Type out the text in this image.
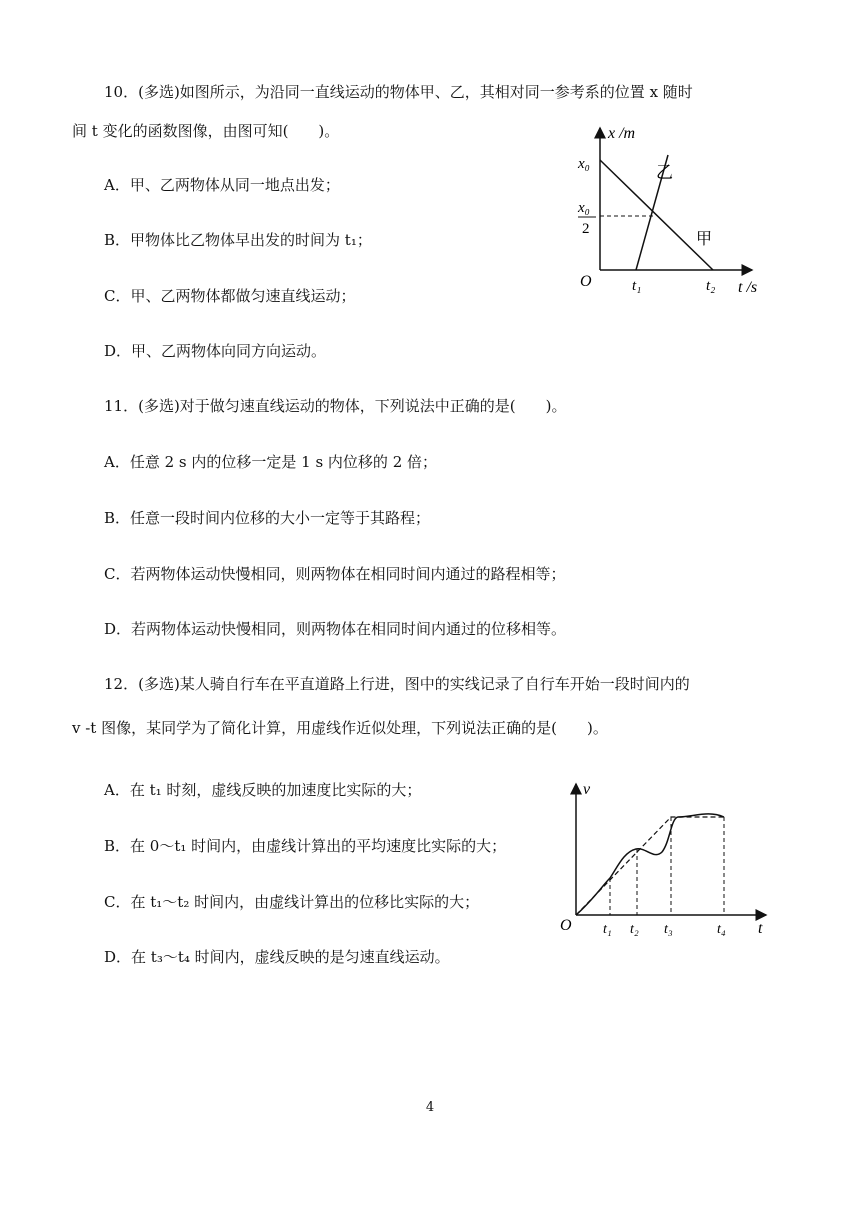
10．(多选)如图所示，为沿同一直线运动的物体甲、乙，其相对同一参考系的位置 x 随时
间 t 变化的函数图像，由图可知(　　)。
A．甲、乙两物体从同一地点出发；
B．甲物体比乙物体早出发的时间为 t₁；
C．甲、乙两物体都做匀速直线运动；
D．甲、乙两物体向同方向运动。
x /m
t /s
O
x₀
x₀
2
t₁	t₂
乙
甲
11．(多选)对于做匀速直线运动的物体，下列说法中正确的是(　　)。
A．任意 2 s 内的位移一定是 1 s 内位移的 2 倍；
B．任意一段时间内位移的大小一定等于其路程；
C．若两物体运动快慢相同，则两物体在相同时间内通过的路程相等；
D．若两物体运动快慢相同，则两物体在相同时间内通过的位移相等。
12．(多选)某人骑自行车在平直道路上行进，图中的实线记录了自行车开始一段时间内的
v -t 图像，某同学为了简化计算，用虚线作近似处理，下列说法正确的是(　　)。
A．在 t₁ 时刻，虚线反映的加速度比实际的大；
B．在 0～t₁ 时间内，由虚线计算出的平均速度比实际的大；
C．在 t₁～t₂ 时间内，由虚线计算出的位移比实际的大；
D．在 t₃～t₄ 时间内，虚线反映的是匀速直线运动。
v
t
O t₁ t₂ t₃	t₄
4
